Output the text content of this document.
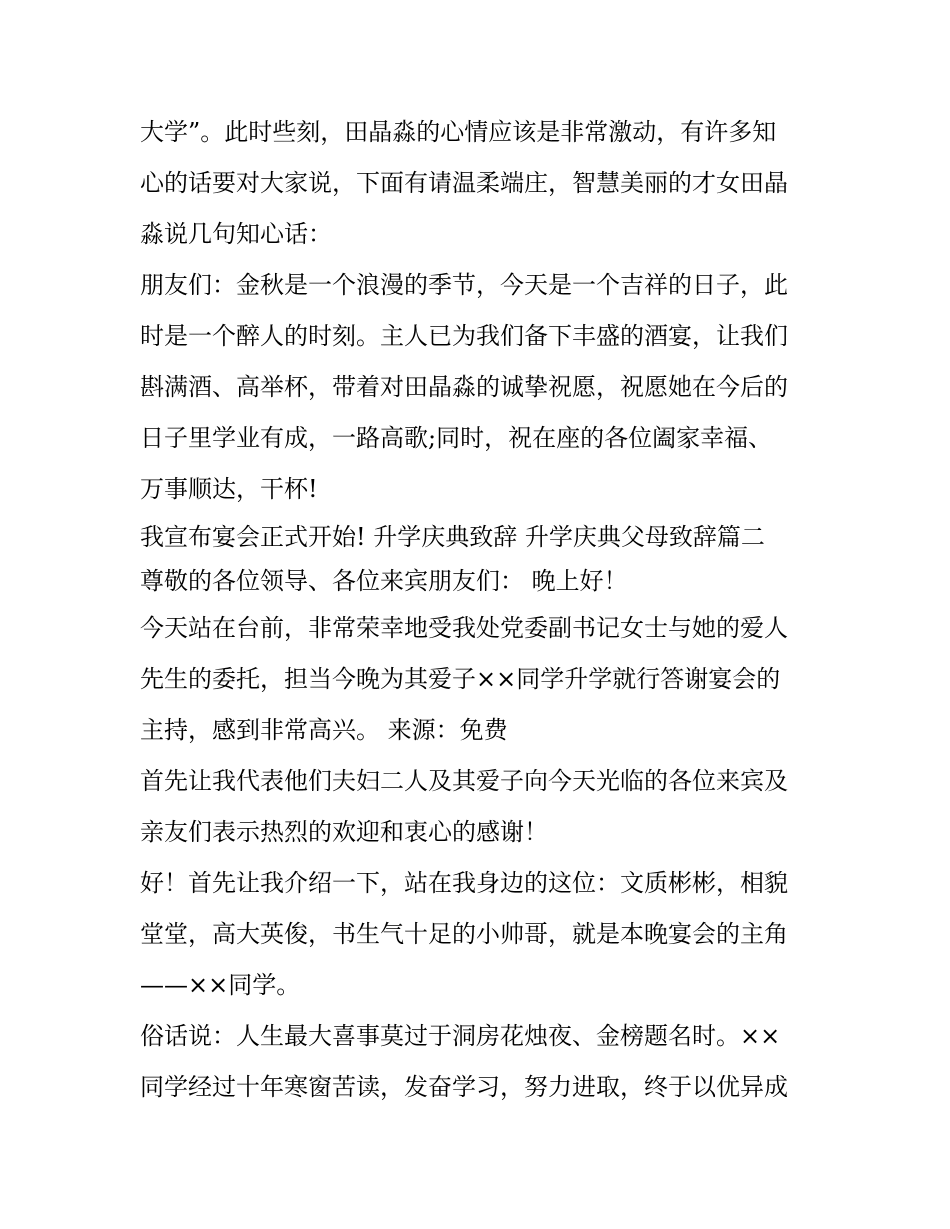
大学”。此时些刻，田晶淼的心情应该是非常激动，有许多知
心的话要对大家说，下面有请温柔端庄，智慧美丽的才女田晶
淼说几句知心话：
朋友们：金秋是一个浪漫的季节，今天是一个吉祥的日子，此
时是一个醉人的时刻。主人已为我们备下丰盛的酒宴，让我们
斟满酒、高举杯，带着对田晶淼的诚挚祝愿，祝愿她在今后的
日子里学业有成，一路高歌;同时，祝在座的各位阖家幸福、
万事顺达，干杯!
我宣布宴会正式开始! 升学庆典致辞 升学庆典父母致辞篇二
尊敬的各位领导、各位来宾朋友们： 晚上好！
今天站在台前，非常荣幸地受我处党委副书记女士与她的爱人
先生的委托，担当今晚为其爱子××同学升学就行答谢宴会的
主持，感到非常高兴。 来源：免费
首先让我代表他们夫妇二人及其爱子向今天光临的各位来宾及
亲友们表示热烈的欢迎和衷心的感谢！
好！首先让我介绍一下，站在我身边的这位：文质彬彬，相貌
堂堂，高大英俊，书生气十足的小帅哥，就是本晚宴会的主角
——××同学。
俗话说：人生最大喜事莫过于洞房花烛夜、金榜题名时。××
同学经过十年寒窗苦读，发奋学习，努力进取，终于以优异成
